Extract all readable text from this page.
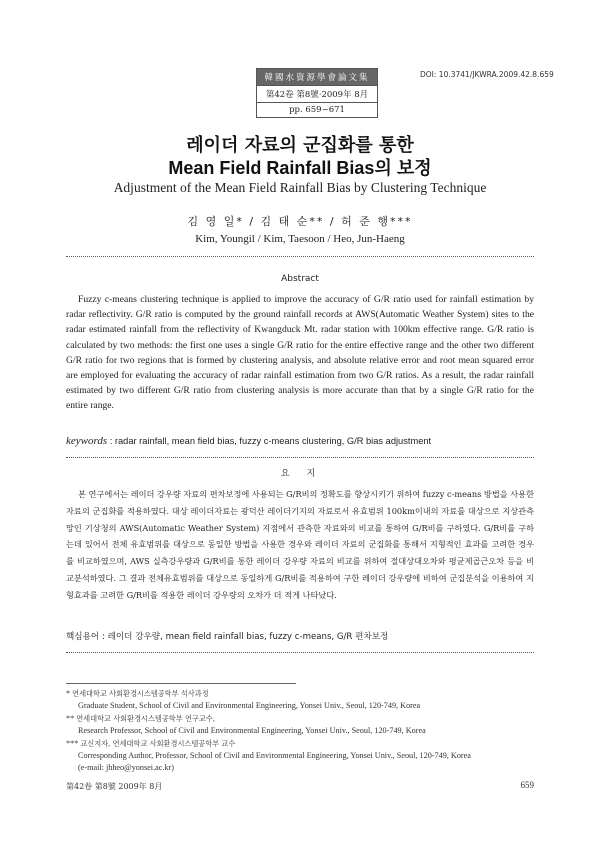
韓國水資源學會論文集
第42卷 第8號·2009年 8月
pp. 659~671
DOI: 10.3741/JKWRA.2009.42.8.659
레이더 자료의 군집화를 통한
Mean Field Rainfall Bias의 보정
Adjustment of the Mean Field Rainfall Bias by Clustering Technique
김 영 일* / 김 태 순** / 허 준 행***
Kim, Youngil / Kim, Taesoon / Heo, Jun-Haeng
Abstract
Fuzzy c-means clustering technique is applied to improve the accuracy of G/R ratio used for rainfall estimation by radar reflectivity. G/R ratio is computed by the ground rainfall records at AWS(Automatic Weather System) sites to the radar estimated rainfall from the reflectivity of Kwangduck Mt. radar station with 100km effective range. G/R ratio is calculated by two methods: the first one uses a single G/R ratio for the entire effective range and the other two different G/R ratio for two regions that is formed by clustering analysis, and absolute relative error and root mean squared error are employed for evaluating the accuracy of radar rainfall estimation from two G/R ratios. As a result, the radar rainfall estimated by two different G/R ratio from clustering analysis is more accurate than that by a single G/R ratio for the entire range.
keywords : radar rainfall, mean field bias, fuzzy c-means clustering, G/R bias adjustment
요　지
본 연구에서는 레이더 강우량 자료의 편차보정에 사용되는 G/R비의 정확도를 향상시키기 위하여 fuzzy c-means 방법을 사용한 자료의 군집화를 적용하였다. 대상 레이더자료는 광덕산 레이더기지의 자료로서 유효범위 100km이내의 자료를 대상으로 지상관측망인 기상청의 AWS(Automatic Weather System) 지점에서 관측한 자료와의 비교를 통하여 G/R비를 구하였다. G/R비를 구하는데 있어서 전체 유효범위를 대상으로 동일한 방법을 사용한 경우와 레이더 자료의 군집화를 통해서 지형적인 효과를 고려한 경우를 비교하였으며, AWS 실측강우량과 G/R비를 통한 레이더 강우량 자료의 비교를 위하여 절대상대오차와 평균제곱근오차 등을 비교분석하였다. 그 결과 전체유효범위를 대상으로 동일하게 G/R비를 적용하여 구한 레이더 강우량에 비하여 군집분석을 이용하여 지형효과를 고려한 G/R비를 적용한 레이더 강우량의 오차가 더 적게 나타났다.
핵심용어 : 레이더 강우량, mean field rainfall bias, fuzzy c-means, G/R 편차보정
* 연세대학교 사회환경시스템공학부 석사과정
Graduate Student, School of Civil and Environmental Engineering, Yonsei Univ., Seoul, 120-749, Korea
** 연세대학교 사회환경시스템공학부 연구교수,
Research Professor, School of Civil and Environmental Engineering, Yonsei Univ., Seoul, 120-749, Korea
*** 교신저자, 연세대학교 사회환경시스템공학부 교수
Corresponding Author, Professor, School of Civil and Environmental Engineering, Yonsei Univ., Seoul, 120-749, Korea
(e-mail: jhheo@yonsei.ac.kr)
第42卷 第8號 2009年 8月	659
